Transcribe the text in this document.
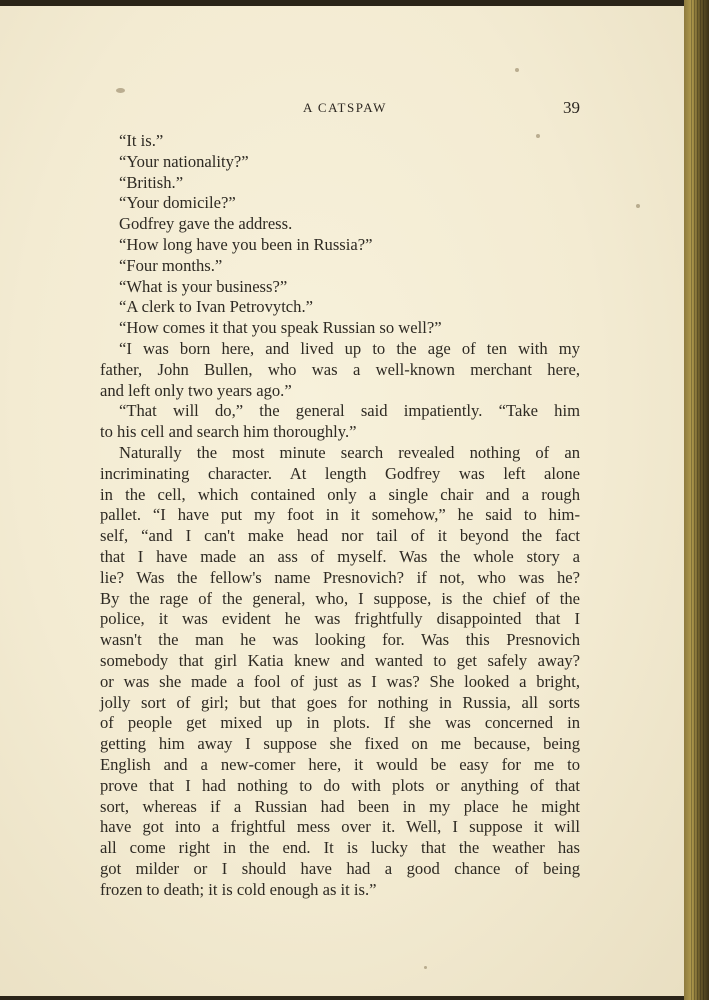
A CATSPAW	39
“It is.”
“Your nationality?”
“British.”
“Your domicile?”
Godfrey gave the address.
“How long have you been in Russia?”
“Four months.”
“What is your business?”
“A clerk to Ivan Petrovytch.”
“How comes it that you speak Russian so well?”
“I was born here, and lived up to the age of ten with my
father, John Bullen, who was a well-known merchant here,
and left only two years ago.”
“That will do,” the general said impatiently. “Take him
to his cell and search him thoroughly.”
Naturally the most minute search revealed nothing of an
incriminating character. At length Godfrey was left alone
in the cell, which contained only a single chair and a rough
pallet. “I have put my foot in it somehow,” he said to him-
self, “and I can't make head nor tail of it beyond the fact
that I have made an ass of myself. Was the whole story a
lie? Was the fellow's name Presnovich? if not, who was he?
By the rage of the general, who, I suppose, is the chief of the
police, it was evident he was frightfully disappointed that I
wasn't the man he was looking for. Was this Presnovich
somebody that girl Katia knew and wanted to get safely away?
or was she made a fool of just as I was? She looked a bright,
jolly sort of girl; but that goes for nothing in Russia, all sorts
of people get mixed up in plots. If she was concerned in
getting him away I suppose she fixed on me because, being
English and a new-comer here, it would be easy for me to
prove that I had nothing to do with plots or anything of that
sort, whereas if a Russian had been in my place he might
have got into a frightful mess over it. Well, I suppose it will
all come right in the end. It is lucky that the weather has
got milder or I should have had a good chance of being
frozen to death; it is cold enough as it is.”
